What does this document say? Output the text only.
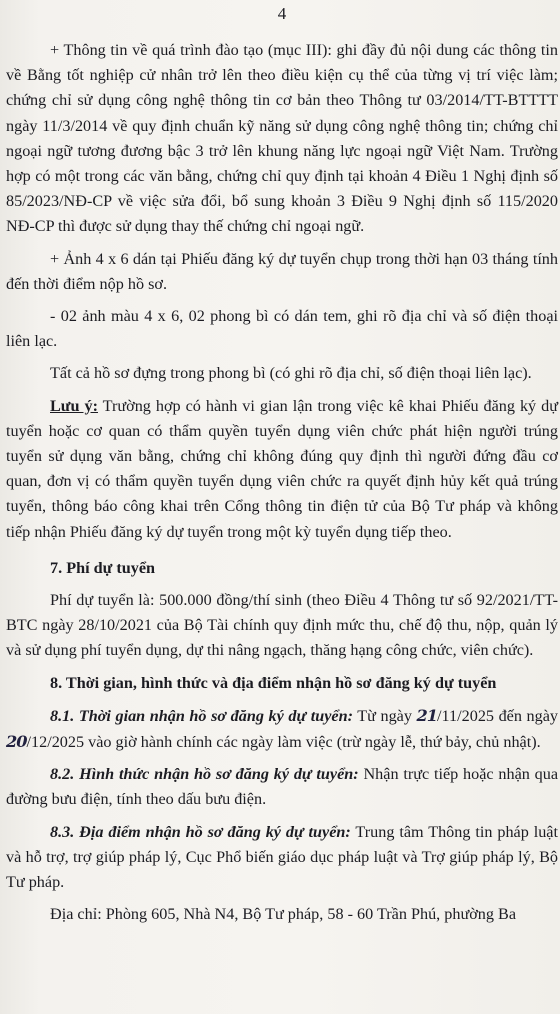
4

+ Thông tin về quá trình đào tạo (mục III): ghi đầy đủ nội dung các thông tin về Bằng tốt nghiệp cử nhân trở lên theo điều kiện cụ thể của từng vị trí việc làm; chứng chỉ sử dụng công nghệ thông tin cơ bản theo Thông tư 03/2014/TT-BTTTT ngày 11/3/2014 về quy định chuẩn kỹ năng sử dụng công nghệ thông tin; chứng chỉ ngoại ngữ tương đương bậc 3 trở lên khung năng lực ngoại ngữ Việt Nam. Trường hợp có một trong các văn bằng, chứng chỉ quy định tại khoản 4 Điều 1 Nghị định số 85/2023/NĐ-CP về việc sửa đổi, bổ sung khoản 3 Điều 9 Nghị định số 115/2020 NĐ-CP thì được sử dụng thay thế chứng chỉ ngoại ngữ.

+ Ảnh 4 x 6 dán tại Phiếu đăng ký dự tuyển chụp trong thời hạn 03 tháng tính đến thời điểm nộp hồ sơ.

- 02 ảnh màu 4 x 6, 02 phong bì có dán tem, ghi rõ địa chỉ và số điện thoại liên lạc.

Tất cả hồ sơ đựng trong phong bì (có ghi rõ địa chỉ, số điện thoại liên lạc).

Lưu ý: Trường hợp có hành vi gian lận trong việc kê khai Phiếu đăng ký dự tuyển hoặc cơ quan có thẩm quyền tuyển dụng viên chức phát hiện người trúng tuyển sử dụng văn bằng, chứng chỉ không đúng quy định thì người đứng đầu cơ quan, đơn vị có thẩm quyền tuyển dụng viên chức ra quyết định hủy kết quả trúng tuyển, thông báo công khai trên Cổng thông tin điện tử của Bộ Tư pháp và không tiếp nhận Phiếu đăng ký dự tuyển trong một kỳ tuyển dụng tiếp theo.

7. Phí dự tuyển

Phí dự tuyển là: 500.000 đồng/thí sinh (theo Điều 4 Thông tư số 92/2021/TT-BTC ngày 28/10/2021 của Bộ Tài chính quy định mức thu, chế độ thu, nộp, quản lý và sử dụng phí tuyển dụng, dự thi nâng ngạch, thăng hạng công chức, viên chức).

8. Thời gian, hình thức và địa điểm nhận hồ sơ đăng ký dự tuyển

8.1. Thời gian nhận hồ sơ đăng ký dự tuyển: Từ ngày 21/11/2025 đến ngày 20/12/2025 vào giờ hành chính các ngày làm việc (trừ ngày lễ, thứ bảy, chủ nhật).

8.2. Hình thức nhận hồ sơ đăng ký dự tuyển: Nhận trực tiếp hoặc nhận qua đường bưu điện, tính theo dấu bưu điện.

8.3. Địa điểm nhận hồ sơ đăng ký dự tuyển: Trung tâm Thông tin pháp luật và hỗ trợ, trợ giúp pháp lý, Cục Phổ biến giáo dục pháp luật và Trợ giúp pháp lý, Bộ Tư pháp.

Địa chỉ: Phòng 605, Nhà N4, Bộ Tư pháp, 58 - 60 Trần Phú, phường Ba
